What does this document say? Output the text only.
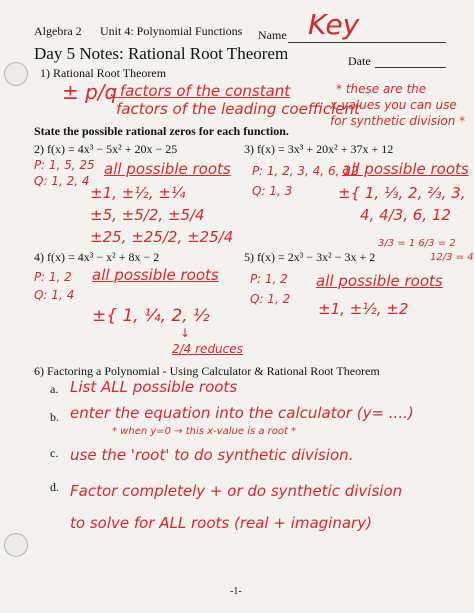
Algebra 2 Unit 4: Polynomial Functions Name Key
Day 5 Notes: Rational Root Theorem	Date
1) Rational Root Theorem
± p/q
: factors of the constant
factors of the leading coefficient
* these are the
x-values you can use
for synthetic division *
State the possible rational zeros for each function.
2) f(x) = 4x³ − 5x² + 20x − 25
P: 1, 5, 25
Q: 1, 2, 4
all possible roots
±1, ±½, ±¼
±5, ±5/2, ±5/4
±25, ±25/2, ±25/4
3) f(x) = 3x³ + 20x² + 37x + 12
P: 1, 2, 3, 4, 6, 12
Q: 1, 3
all possible roots
±{ 1, ⅓, 2, ⅔, 3,
4, 4/3, 6, 12
3/3 = 1 6/3 = 2
12/3 = 4
4) f(x) = 4x³ − x² + 8x − 2
P: 1, 2
Q: 1, 4
all possible roots
±{ 1, ¼, 2, ½
↓
2/4 reduces
5) f(x) = 2x³ − 3x² − 3x + 2
P: 1, 2
Q: 1, 2
all possible roots
±1, ±½, ±2
6) Factoring a Polynomial - Using Calculator & Rational Root Theorem
a. List ALL possible roots
b. enter the equation into the calculator (y= ....)
* when y=0 → this x-value is a root *
c. use the 'root' to do synthetic division.
d. Factor completely + or do synthetic division
to solve for ALL roots (real + imaginary)
-1-
